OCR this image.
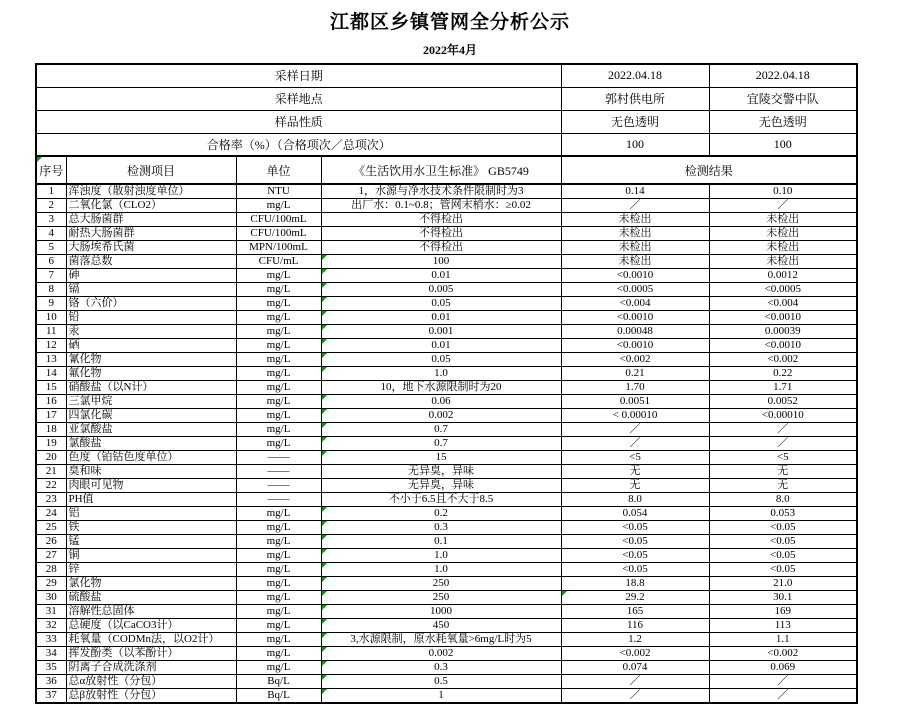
江都区乡镇管网全分析公示
2022年4月
采样日期				2022.04.18	2022.04.18
采样地点				郭村供电所	宜陵交警中队
样品性质				无色透明	无色透明
合格率（%）（合格项次／总项次）				100	100
序号	检测项目	单位	《生活饮用水卫生标准》 GB5749	检测结果	
1	浑浊度（散射浊度单位）	NTU	1，水源与净水技术条件限制时为3	0.14	0.10
2	二氧化氯（CLO2）	mg/L	出厂水：0.1~0.8；管网末梢水：≥0.02	／	／
3	总大肠菌群	CFU/100mL	不得检出	未检出	未检出
4	耐热大肠菌群	CFU/100mL	不得检出	未检出	未检出
5	大肠埃希氏菌	MPN/100mL	不得检出	未检出	未检出
6	菌落总数	CFU/mL	100	未检出	未检出
7	砷	mg/L	0.01	<0.0010	0.0012
8	镉	mg/L	0.005	<0.0005	<0.0005
9	铬（六价）	mg/L	0.05	<0.004	<0.004
10	铅	mg/L	0.01	<0.0010	<0.0010
11	汞	mg/L	0.001	0.00048	0.00039
12	硒	mg/L	0.01	<0.0010	<0.0010
13	氰化物	mg/L	0.05	<0.002	<0.002
14	氟化物	mg/L	1.0	0.21	0.22
15	硝酸盐（以N计）	mg/L	10，地下水源限制时为20	1.70	1.71
16	三氯甲烷	mg/L	0.06	0.0051	0.0052
17	四氯化碳	mg/L	0.002	< 0.00010	<0.00010
18	亚氯酸盐	mg/L	0.7	／	／
19	氯酸盐	mg/L	0.7	／	／
20	色度（铂钴色度单位）	——	15	<5	<5
21	臭和味	——	无异臭，异味	无	无
22	肉眼可见物	——	无异臭，异味	无	无
23	PH值	——	不小于6.5且不大于8.5	8.0	8.0
24	铝	mg/L	0.2	0.054	0.053
25	铁	mg/L	0.3	<0.05	<0.05
26	锰	mg/L	0.1	<0.05	<0.05
27	铜	mg/L	1.0	<0.05	<0.05
28	锌	mg/L	1.0	<0.05	<0.05
29	氯化物	mg/L	250	18.8	21.0
30	硫酸盐	mg/L	250	29.2	30.1
31	溶解性总固体	mg/L	1000	165	169
32	总硬度（以CaCO3计）	mg/L	450	116	113
33	耗氧量（CODMn法，以O2计）	mg/L	3,水源限制，原水耗氧量>6mg/L时为5	1.2	1.1
34	挥发酚类（以苯酚计）	mg/L	0.002	<0.002	<0.002
35	阴离子合成洗涤剂	mg/L	0.3	0.074	0.069
36	总α放射性（分包）	Bq/L	0.5	／	／
37	总β放射性（分包）	Bq/L	1	／	／
